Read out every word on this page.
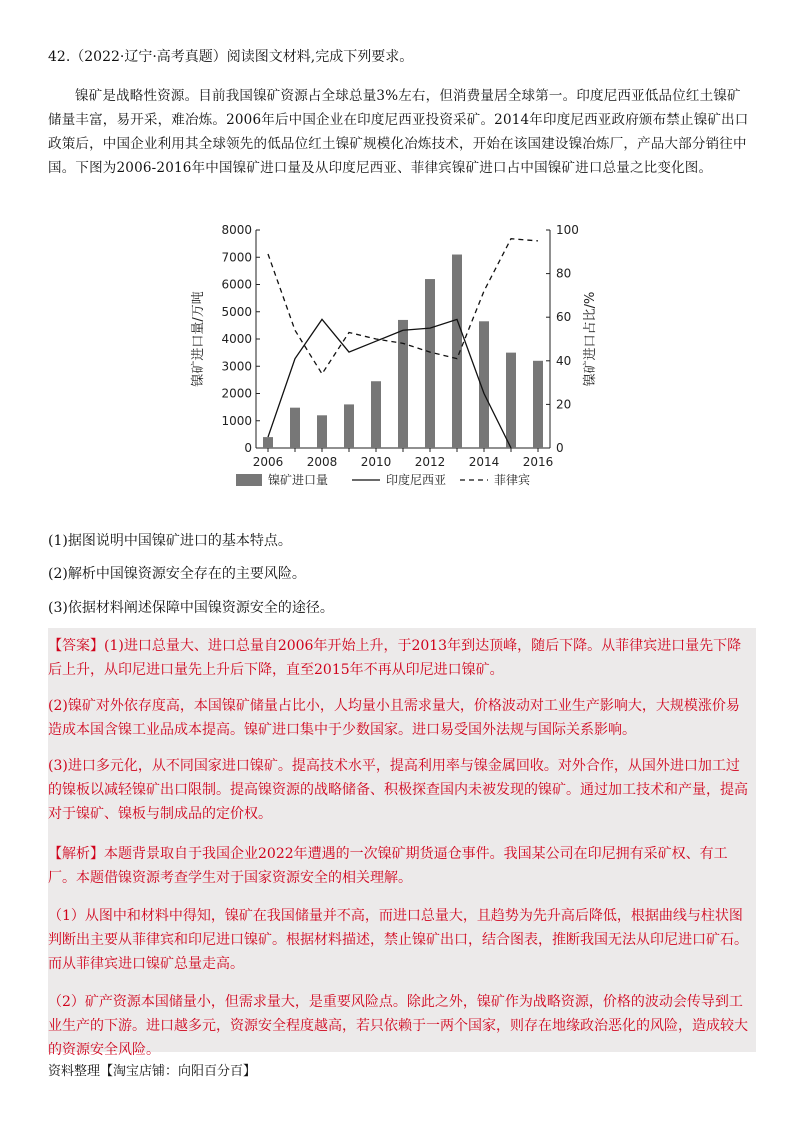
42.（2022·辽宁·高考真题）阅读图文材料,完成下列要求。
镍矿是战略性资源。目前我国镍矿资源占全球总量3%左右，但消费量居全球第一。印度尼西亚低品位红土镍矿储量丰富，易开采，难冶炼。2006年后中国企业在印度尼西亚投资采矿。2014年印度尼西亚政府颁布禁止镍矿出口政策后，中国企业利用其全球领先的低品位红土镍矿规模化冶炼技术，开始在该国建设镍冶炼厂，产品大部分销往中国。下图为2006-2016年中国镍矿进口量及从印度尼西亚、菲律宾镍矿进口占中国镍矿进口总量之比变化图。
0
1000
2000
3000
4000
5000
6000
7000
8000
0
20
40
60
80
100
2006 2008 2010 2012 2014 2016
镍矿进口量/万吨	镍矿进口占比/%
镍矿进口量	印度尼西亚	菲律宾
(1)据图说明中国镍矿进口的基本特点。
(2)解析中国镍资源安全存在的主要风险。
(3)依据材料阐述保障中国镍资源安全的途径。
【答案】(1)进口总量大、进口总量自2006年开始上升，于2013年到达顶峰，随后下降。从菲律宾进口量先下降后上升，从印尼进口量先上升后下降，直至2015年不再从印尼进口镍矿。
(2)镍矿对外依存度高，本国镍矿储量占比小，人均量小且需求量大，价格波动对工业生产影响大，大规模涨价易造成本国含镍工业品成本提高。镍矿进口集中于少数国家。进口易受国外法规与国际关系影响。
(3)进口多元化，从不同国家进口镍矿。提高技术水平，提高利用率与镍金属回收。对外合作，从国外进口加工过的镍板以减轻镍矿出口限制。提高镍资源的战略储备、积极探查国内未被发现的镍矿。通过加工技术和产量，提高对于镍矿、镍板与制成品的定价权。
【解析】本题背景取自于我国企业2022年遭遇的一次镍矿期货逼仓事件。我国某公司在印尼拥有采矿权、有工厂。本题借镍资源考查学生对于国家资源安全的相关理解。
（1）从图中和材料中得知，镍矿在我国储量并不高，而进口总量大，且趋势为先升高后降低，根据曲线与柱状图判断出主要从菲律宾和印尼进口镍矿。根据材料描述，禁止镍矿出口，结合图表，推断我国无法从印尼进口矿石。而从菲律宾进口镍矿总量走高。
（2）矿产资源本国储量小，但需求量大，是重要风险点。除此之外，镍矿作为战略资源，价格的波动会传导到工业生产的下游。进口越多元，资源安全程度越高，若只依赖于一两个国家，则存在地缘政治恶化的风险，造成较大的资源安全风险。
资料整理【淘宝店铺：向阳百分百】
